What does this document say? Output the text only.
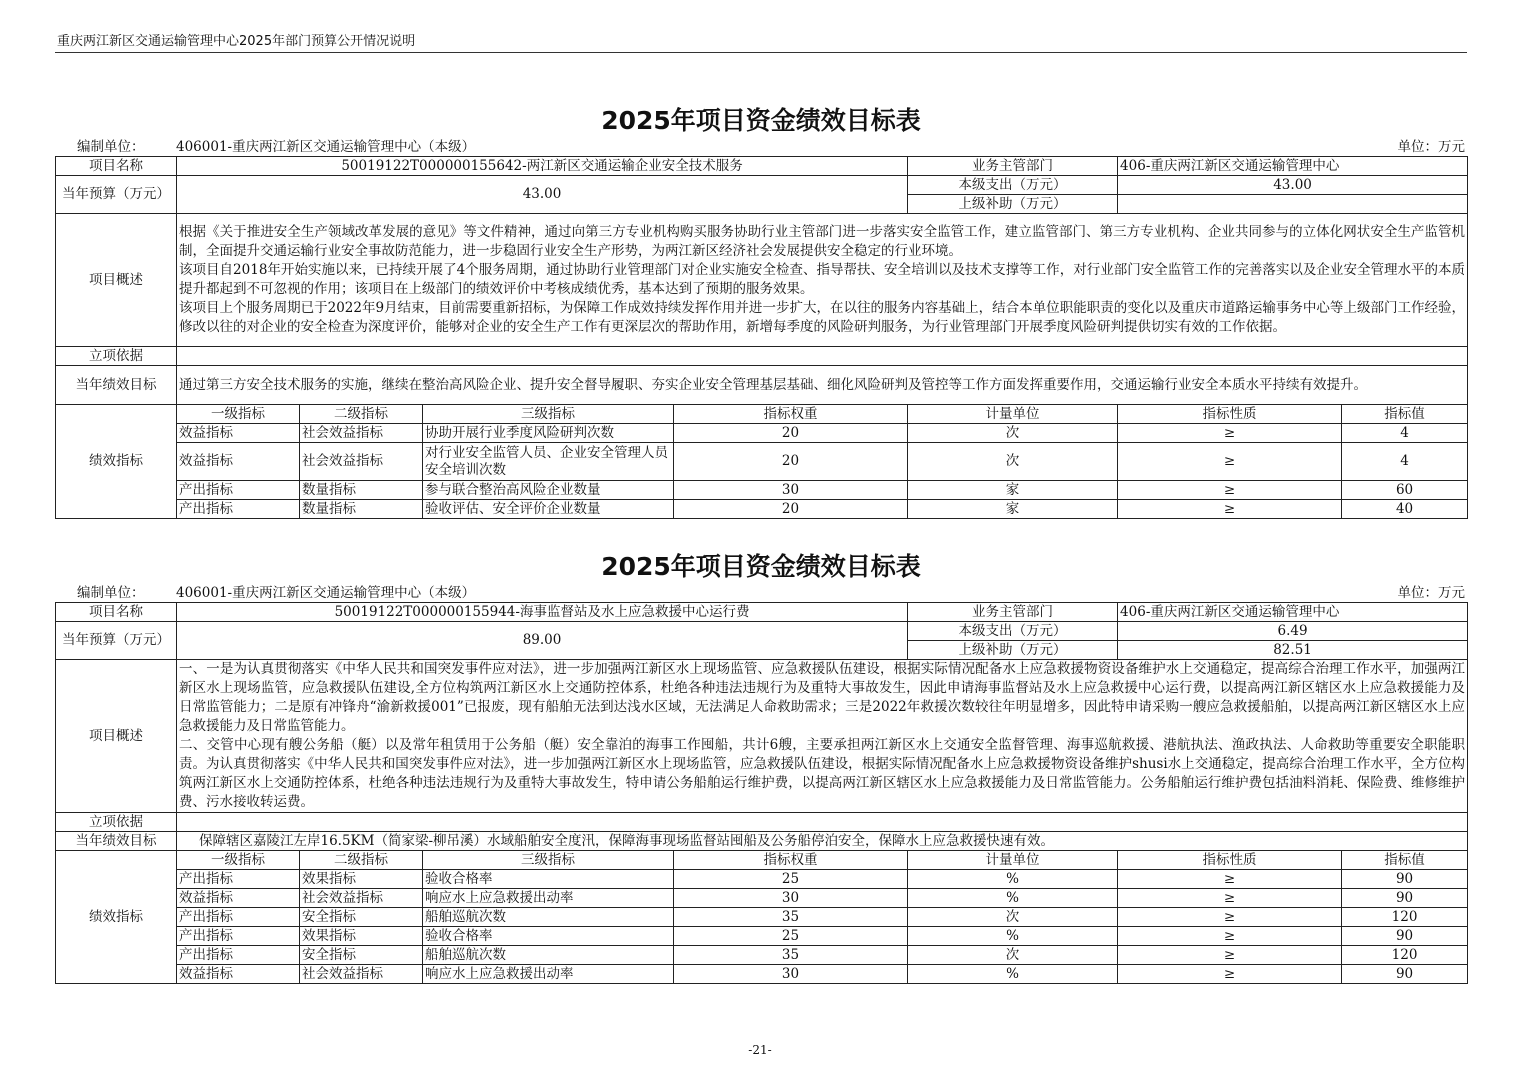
重庆两江新区交通运输管理中心2025年部门预算公开情况说明
2025年项目资金绩效目标表
编制单位： 406001-重庆两江新区交通运输管理中心（本级）	单位：万元
项目名称	50019122T000000155642-两江新区交通运输企业安全技术服务				业务主管部门	406-重庆两江新区交通运输管理中心	
当年预算（万元）	43.00				本级支出（万元）	43.00	
					上级补助（万元）		
项目概述	根据《关于推进安全生产领域改革发展的意见》等文件精神，通过向第三方专业机构购买服务协助行业主管部门进一步落实安全监管工作，建立监管部门、第三方专业机构、企业共同参与的立体化网状安全生产监管机制，全面提升交通运输行业安全事故防范能力，进一步稳固行业安全生产形势，为两江新区经济社会发展提供安全稳定的行业环境。
该项目自2018年开始实施以来，已持续开展了4个服务周期，通过协助行业管理部门对企业实施安全检查、指导帮扶、安全培训以及技术支撑等工作，对行业部门安全监管工作的完善落实以及企业安全管理水平的本质提升都起到不可忽视的作用；该项目在上级部门的绩效评价中考核成绩优秀，基本达到了预期的服务效果。
该项目上个服务周期已于2022年9月结束，目前需要重新招标，为保障工作成效持续发挥作用并进一步扩大，在以往的服务内容基础上，结合本单位职能职责的变化以及重庆市道路运输事务中心等上级部门工作经验，修改以往的对企业的安全检查为深度评价，能够对企业的安全生产工作有更深层次的帮助作用，新增每季度的风险研判服务，为行业管理部门开展季度风险研判提供切实有效的工作依据。						
立项依据							
当年绩效目标	通过第三方安全技术服务的实施，继续在整治高风险企业、提升安全督导履职、夯实企业安全管理基层基础、细化风险研判及管控等工作方面发挥重要作用，交通运输行业安全本质水平持续有效提升。						
绩效指标	一级指标	二级指标	三级指标	指标权重	计量单位	指标性质	指标值
	效益指标	社会效益指标	协助开展行业季度风险研判次数	20	次	≥	4
	效益指标	社会效益指标	对行业安全监管人员、企业安全管理人员安全培训次数	20	次	≥	4
	产出指标	数量指标	参与联合整治高风险企业数量	30	家	≥	60
	产出指标	数量指标	验收评估、安全评价企业数量	20	家	≥	40
2025年项目资金绩效目标表
编制单位： 406001-重庆两江新区交通运输管理中心（本级）	单位：万元
项目名称	50019122T000000155944-海事监督站及水上应急救援中心运行费				业务主管部门	406-重庆两江新区交通运输管理中心	
当年预算（万元）	89.00				本级支出（万元）	6.49	
					上级补助（万元）	82.51	
项目概述	一、一是为认真贯彻落实《中华人民共和国突发事件应对法》，进一步加强两江新区水上现场监管、应急救援队伍建设，根据实际情况配备水上应急救援物资设备维护水上交通稳定，提高综合治理工作水平，加强两江新区水上现场监管，应急救援队伍建设,全方位构筑两江新区水上交通防控体系，杜绝各种违法违规行为及重特大事故发生，因此申请海事监督站及水上应急救援中心运行费，以提高两江新区辖区水上应急救援能力及日常监管能力；二是原有冲锋舟“渝新救援001”已报废，现有船舶无法到达浅水区域，无法满足人命救助需求；三是2022年救援次数较往年明显增多，因此特申请采购一艘应急救援船舶，以提高两江新区辖区水上应急救援能力及日常监管能力。
二、交管中心现有艘公务船（艇）以及常年租赁用于公务船（艇）安全靠泊的海事工作囤船，共计6艘，主要承担两江新区水上交通安全监督管理、海事巡航救援、港航执法、渔政执法、人命救助等重要安全职能职责。为认真贯彻落实《中华人民共和国突发事件应对法》，进一步加强两江新区水上现场监管，应急救援队伍建设，根据实际情况配备水上应急救援物资设备维护shusi水上交通稳定，提高综合治理工作水平，全方位构筑两江新区水上交通防控体系，杜绝各种违法违规行为及重特大事故发生，特申请公务船舶运行维护费，以提高两江新区辖区水上应急救援能力及日常监管能力。公务船舶运行维护费包括油料消耗、保险费、维修维护费、污水接收转运费。						
立项依据							
当年绩效目标	保障辖区嘉陵江左岸16.5KM（简家梁-柳吊溪）水域船舶安全度汛，保障海事现场监督站囤船及公务船停泊安全，保障水上应急救援快速有效。						
绩效指标	一级指标	二级指标	三级指标	指标权重	计量单位	指标性质	指标值
	产出指标	效果指标	验收合格率	25	%	≥	90
	效益指标	社会效益指标	响应水上应急救援出动率	30	%	≥	90
	产出指标	安全指标	船舶巡航次数	35	次	≥	120
	产出指标	效果指标	验收合格率	25	%	≥	90
	产出指标	安全指标	船舶巡航次数	35	次	≥	120
	效益指标	社会效益指标	响应水上应急救援出动率	30	%	≥	90
-21-
